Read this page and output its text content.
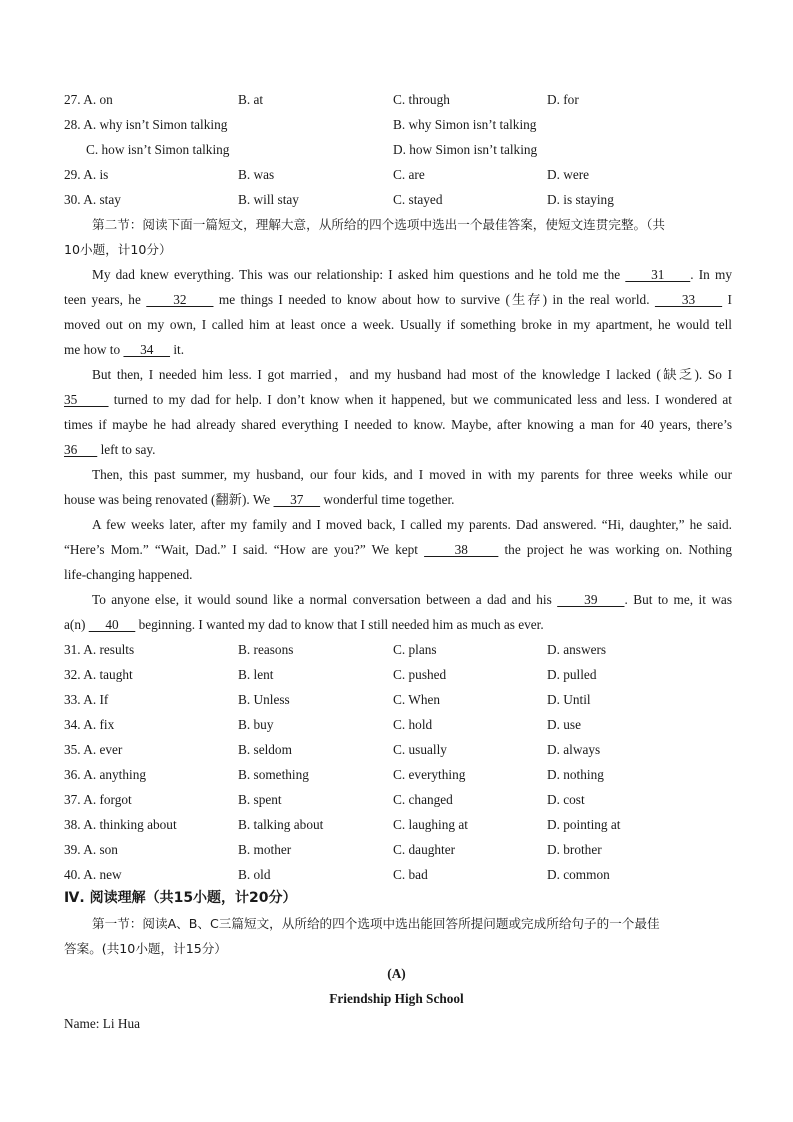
27. A. on	B. at	C. through	D. for
28. A. why isn’t Simon talking	B. why Simon isn’t talking
C. how isn’t Simon talking	D. how Simon isn’t talking
29. A. is	B. was	C. are	D. were
30. A. stay	B. will stay	C. stayed	D. is staying
第二节：阅读下面一篇短文，理解大意，从所给的四个选项中选出一个最佳答案，使短文连贯完整。（共
10小题，计10分）
My dad knew everything. This was our relationship: I asked him questions and he told me the      31     . In my
teen years, he      32      me things I needed to know about how to survive (生存) in the real world.      33      I
moved out on my own, I called him at least once a week. Usually if something broke in my apartment, he would tell
me how to      34      it.
But then, I needed him less. I got married，and my husband had most of the knowledge I lacked (缺乏). So I
35       turned to my dad for help. I don’t know when it happened, but we communicated less and less. I wondered at
times if maybe he had already shared everything I needed to know. Maybe, after knowing a man for 40 years, there’s
36       left to say.
Then, this past summer, my husband, our four kids, and I moved in with my parents for three weeks while our
house was being renovated (翻新). We      37      wonderful time together.
A few weeks later, after my family and I moved back, I called my parents. Dad answered. “Hi, daughter,” he said.
“Here’s Mom.” “Wait, Dad.” I said. “How are you?” We kept      38      the project he was working on. Nothing
life-changing happened.
To anyone else, it would sound like a normal conversation between a dad and his      39     . But to me, it was
a(n)      40      beginning. I wanted my dad to know that I still needed him as much as ever.
31. A. results	B. reasons	C. plans	D. answers
32. A. taught	B. lent	C. pushed	D. pulled
33. A. If	B. Unless	C. When	D. Until
34. A. fix	B. buy	C. hold	D. use
35. A. ever	B. seldom	C. usually	D. always
36. A. anything	B. something	C. everything	D. nothing
37. A. forgot	B. spent	C. changed	D. cost
38. A. thinking about	B. talking about	C. laughing at	D. pointing at
39. A. son	B. mother	C. daughter	D. brother
40. A. new	B. old	C. bad	D. common
Ⅳ. 阅读理解（共15小题，计20分）
第一节：阅读A、B、C三篇短文，从所给的四个选项中选出能回答所提问题或完成所给句子的一个最佳
答案。(共10小题，计15分）
(A)
Friendship High School
Name: Li Hua
